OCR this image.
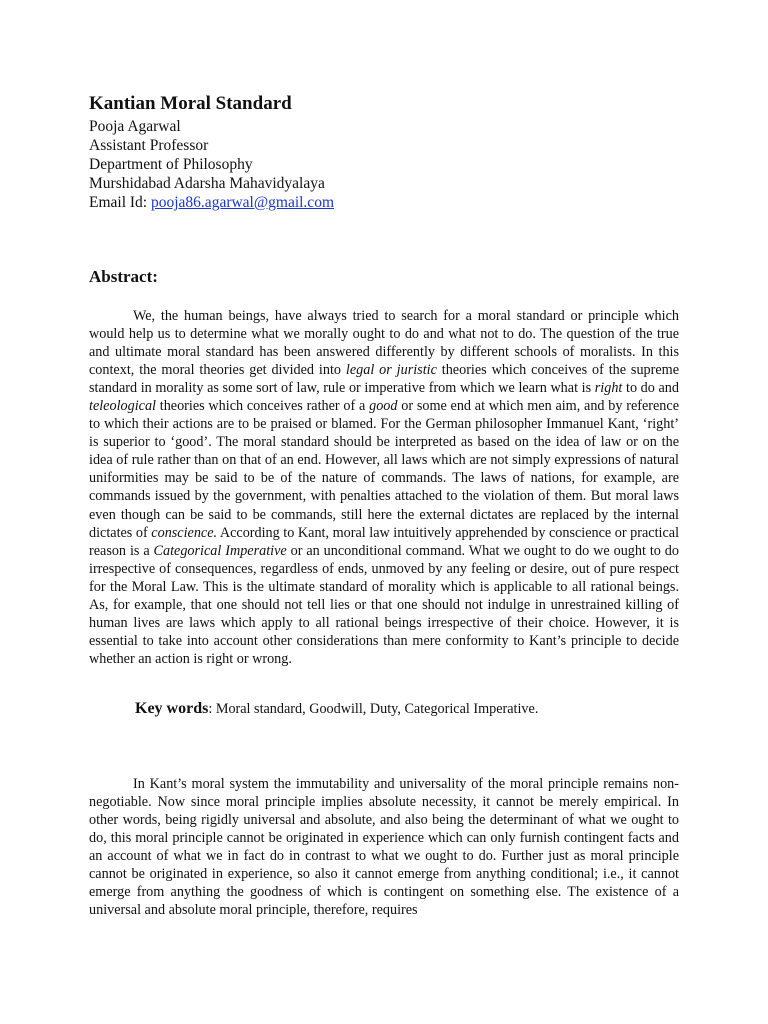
Kantian Moral Standard
Pooja Agarwal
Assistant Professor
Department of Philosophy
Murshidabad Adarsha Mahavidyalaya
Email Id: pooja86.agarwal@gmail.com
Abstract:

We, the human beings, have always tried to search for a moral standard or principle which would help us to determine what we morally ought to do and what not to do. The question of the true and ultimate moral standard has been answered differently by different schools of moralists. In this context, the moral theories get divided into legal or juristic theories which conceives of the supreme standard in morality as some sort of law, rule or imperative from which we learn what is right to do and teleological theories which conceives rather of a good or some end at which men aim, and by reference to which their actions are to be praised or blamed. For the German philosopher Immanuel Kant, ‘right’ is superior to ‘good’. The moral standard should be interpreted as based on the idea of law or on the idea of rule rather than on that of an end. However, all laws which are not simply expressions of natural uniformities may be said to be of the nature of commands. The laws of nations, for example, are commands issued by the government, with penalties attached to the violation of them. But moral laws even though can be said to be commands, still here the external dictates are replaced by the internal dictates of conscience. According to Kant, moral law intuitively apprehended by conscience or practical reason is a Categorical Imperative or an unconditional command. What we ought to do we ought to do irrespective of consequences, regardless of ends, unmoved by any feeling or desire, out of pure respect for the Moral Law. This is the ultimate standard of morality which is applicable to all rational beings. As, for example, that one should not tell lies or that one should not indulge in unrestrained killing of human lives are laws which apply to all rational beings irrespective of their choice. However, it is essential to take into account other considerations than mere conformity to Kant’s principle to decide whether an action is right or wrong.

Key words: Moral standard, Goodwill, Duty, Categorical Imperative.

In Kant’s moral system the immutability and universality of the moral principle remains non-negotiable. Now since moral principle implies absolute necessity, it cannot be merely empirical. In other words, being rigidly universal and absolute, and also being the determinant of what we ought to do, this moral principle cannot be originated in experience which can only furnish contingent facts and an account of what we in fact do in contrast to what we ought to do. Further just as moral principle cannot be originated in experience, so also it cannot emerge from anything conditional; i.e., it cannot emerge from anything the goodness of which is contingent on something else. The existence of a universal and absolute moral principle, therefore, requires
